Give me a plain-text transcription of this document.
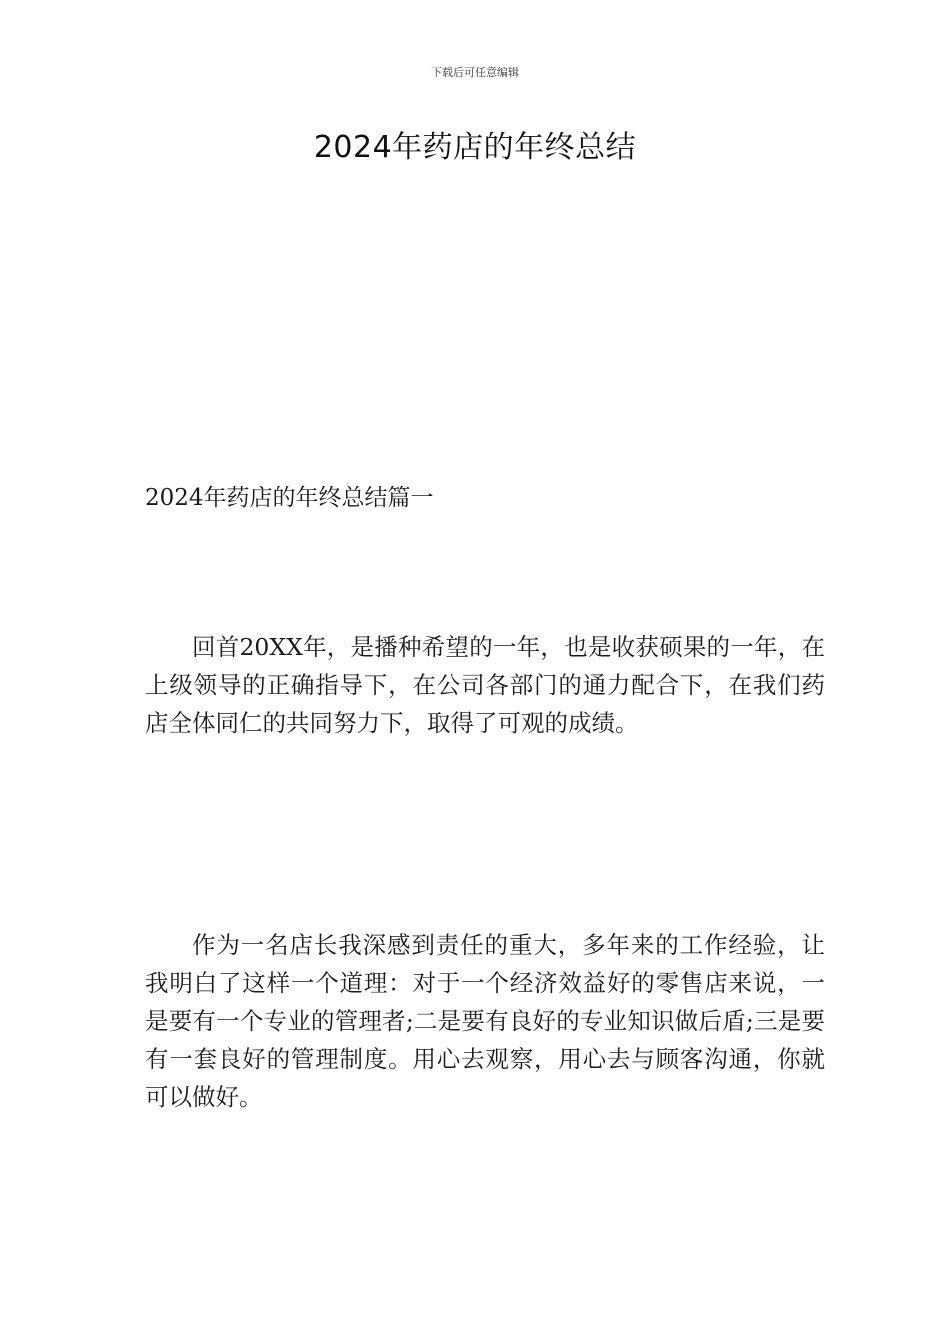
下载后可任意编辑
2024年药店的年终总结
2024年药店的年终总结篇一

回首20XX年，是播种希望的一年，也是收获硕果的一年，在上级领导的正确指导下，在公司各部门的通力配合下，在我们药店全体同仁的共同努力下，取得了可观的成绩。

作为一名店长我深感到责任的重大，多年来的工作经验，让我明白了这样一个道理：对于一个经济效益好的零售店来说，一是要有一个专业的管理者;二是要有良好的专业知识做后盾;三是要有一套良好的管理制度。用心去观察，用心去与顾客沟通，你就可以做好。
